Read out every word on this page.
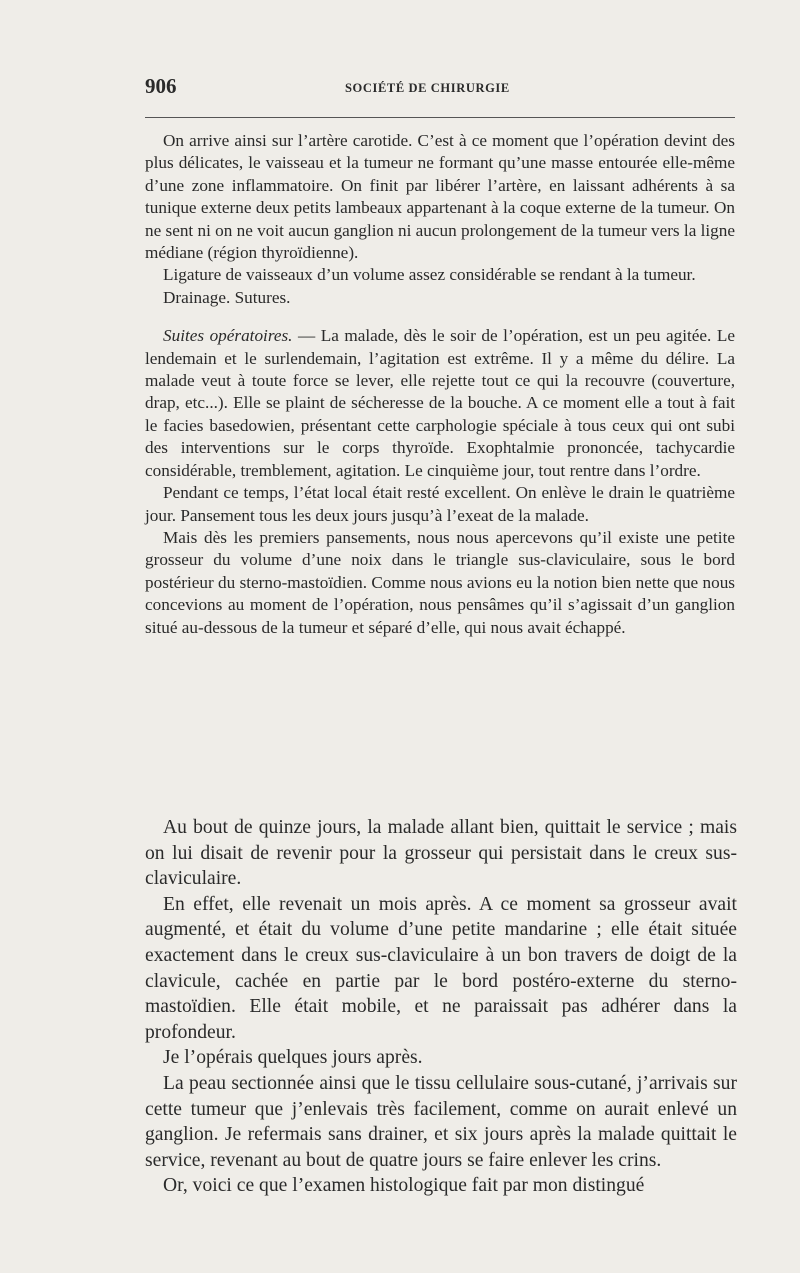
906	SOCIÉTÉ DE CHIRURGIE

On arrive ainsi sur l’artère carotide. C’est à ce moment que l’opération devint des plus délicates, le vaisseau et la tumeur ne formant qu’une masse entourée elle-même d’une zone inflammatoire. On finit par libérer l’artère, en laissant adhérents à sa tunique externe deux petits lambeaux appartenant à la coque externe de la tumeur. On ne sent ni on ne voit aucun ganglion ni aucun prolongement de la tumeur vers la ligne médiane (région thyroïdienne).

Ligature de vaisseaux d’un volume assez considérable se rendant à la tumeur.

Drainage. Sutures.

Suites opératoires. — La malade, dès le soir de l’opération, est un peu agitée. Le lendemain et le surlendemain, l’agitation est extrême. Il y a même du délire. La malade veut à toute force se lever, elle rejette tout ce qui la recouvre (couverture, drap, etc...). Elle se plaint de sécheresse de la bouche. A ce moment elle a tout à fait le facies basedowien, présentant cette carphologie spéciale à tous ceux qui ont subi des interventions sur le corps thyroïde. Exophtalmie prononcée, tachycardie considérable, tremblement, agitation. Le cinquième jour, tout rentre dans l’ordre.

Pendant ce temps, l’état local était resté excellent. On enlève le drain le quatrième jour. Pansement tous les deux jours jusqu’à l’exeat de la malade.

Mais dès les premiers pansements, nous nous apercevons qu’il existe une petite grosseur du volume d’une noix dans le triangle sus-claviculaire, sous le bord postérieur du sterno-mastoïdien. Comme nous avions eu la notion bien nette que nous concevions au moment de l’opération, nous pensâmes qu’il s’agissait d’un ganglion situé au-dessous de la tumeur et séparé d’elle, qui nous avait échappé.

Au bout de quinze jours, la malade allant bien, quittait le service ; mais on lui disait de revenir pour la grosseur qui persistait dans le creux sus-claviculaire.

En effet, elle revenait un mois après. A ce moment sa grosseur avait augmenté, et était du volume d’une petite mandarine ; elle était située exactement dans le creux sus-claviculaire à un bon travers de doigt de la clavicule, cachée en partie par le bord postéro-externe du sterno-mastoïdien. Elle était mobile, et ne paraissait pas adhérer dans la profondeur.

Je l’opérais quelques jours après.

La peau sectionnée ainsi que le tissu cellulaire sous-cutané, j’arrivais sur cette tumeur que j’enlevais très facilement, comme on aurait enlevé un ganglion. Je refermais sans drainer, et six jours après la malade quittait le service, revenant au bout de quatre jours se faire enlever les crins.

Or, voici ce que l’examen histologique fait par mon distingué
